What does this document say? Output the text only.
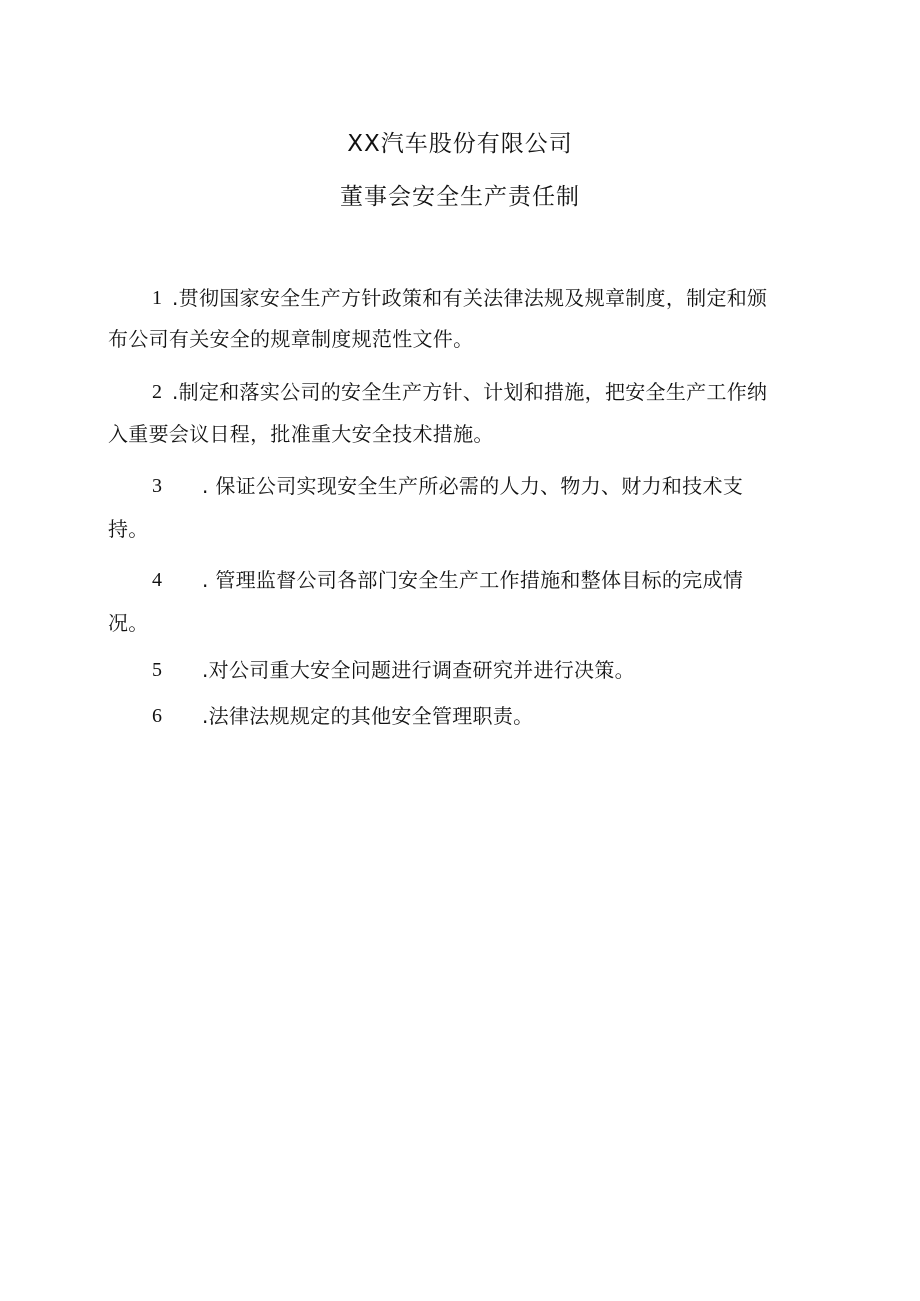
XX汽车股份有限公司
董事会安全生产责任制
1 .贯彻国家安全生产方针政策和有关法律法规及规章制度，制定和颁
布公司有关安全的规章制度规范性文件。
2 .制定和落实公司的安全生产方针、计划和措施，把安全生产工作纳
入重要会议日程，批准重大安全技术措施。
3 . 保证公司实现安全生产所必需的人力、物力、财力和技术支
持。
4 . 管理监督公司各部门安全生产工作措施和整体目标的完成情
况。
5 .对公司重大安全问题进行调查研究并进行决策。
6 .法律法规规定的其他安全管理职责。
